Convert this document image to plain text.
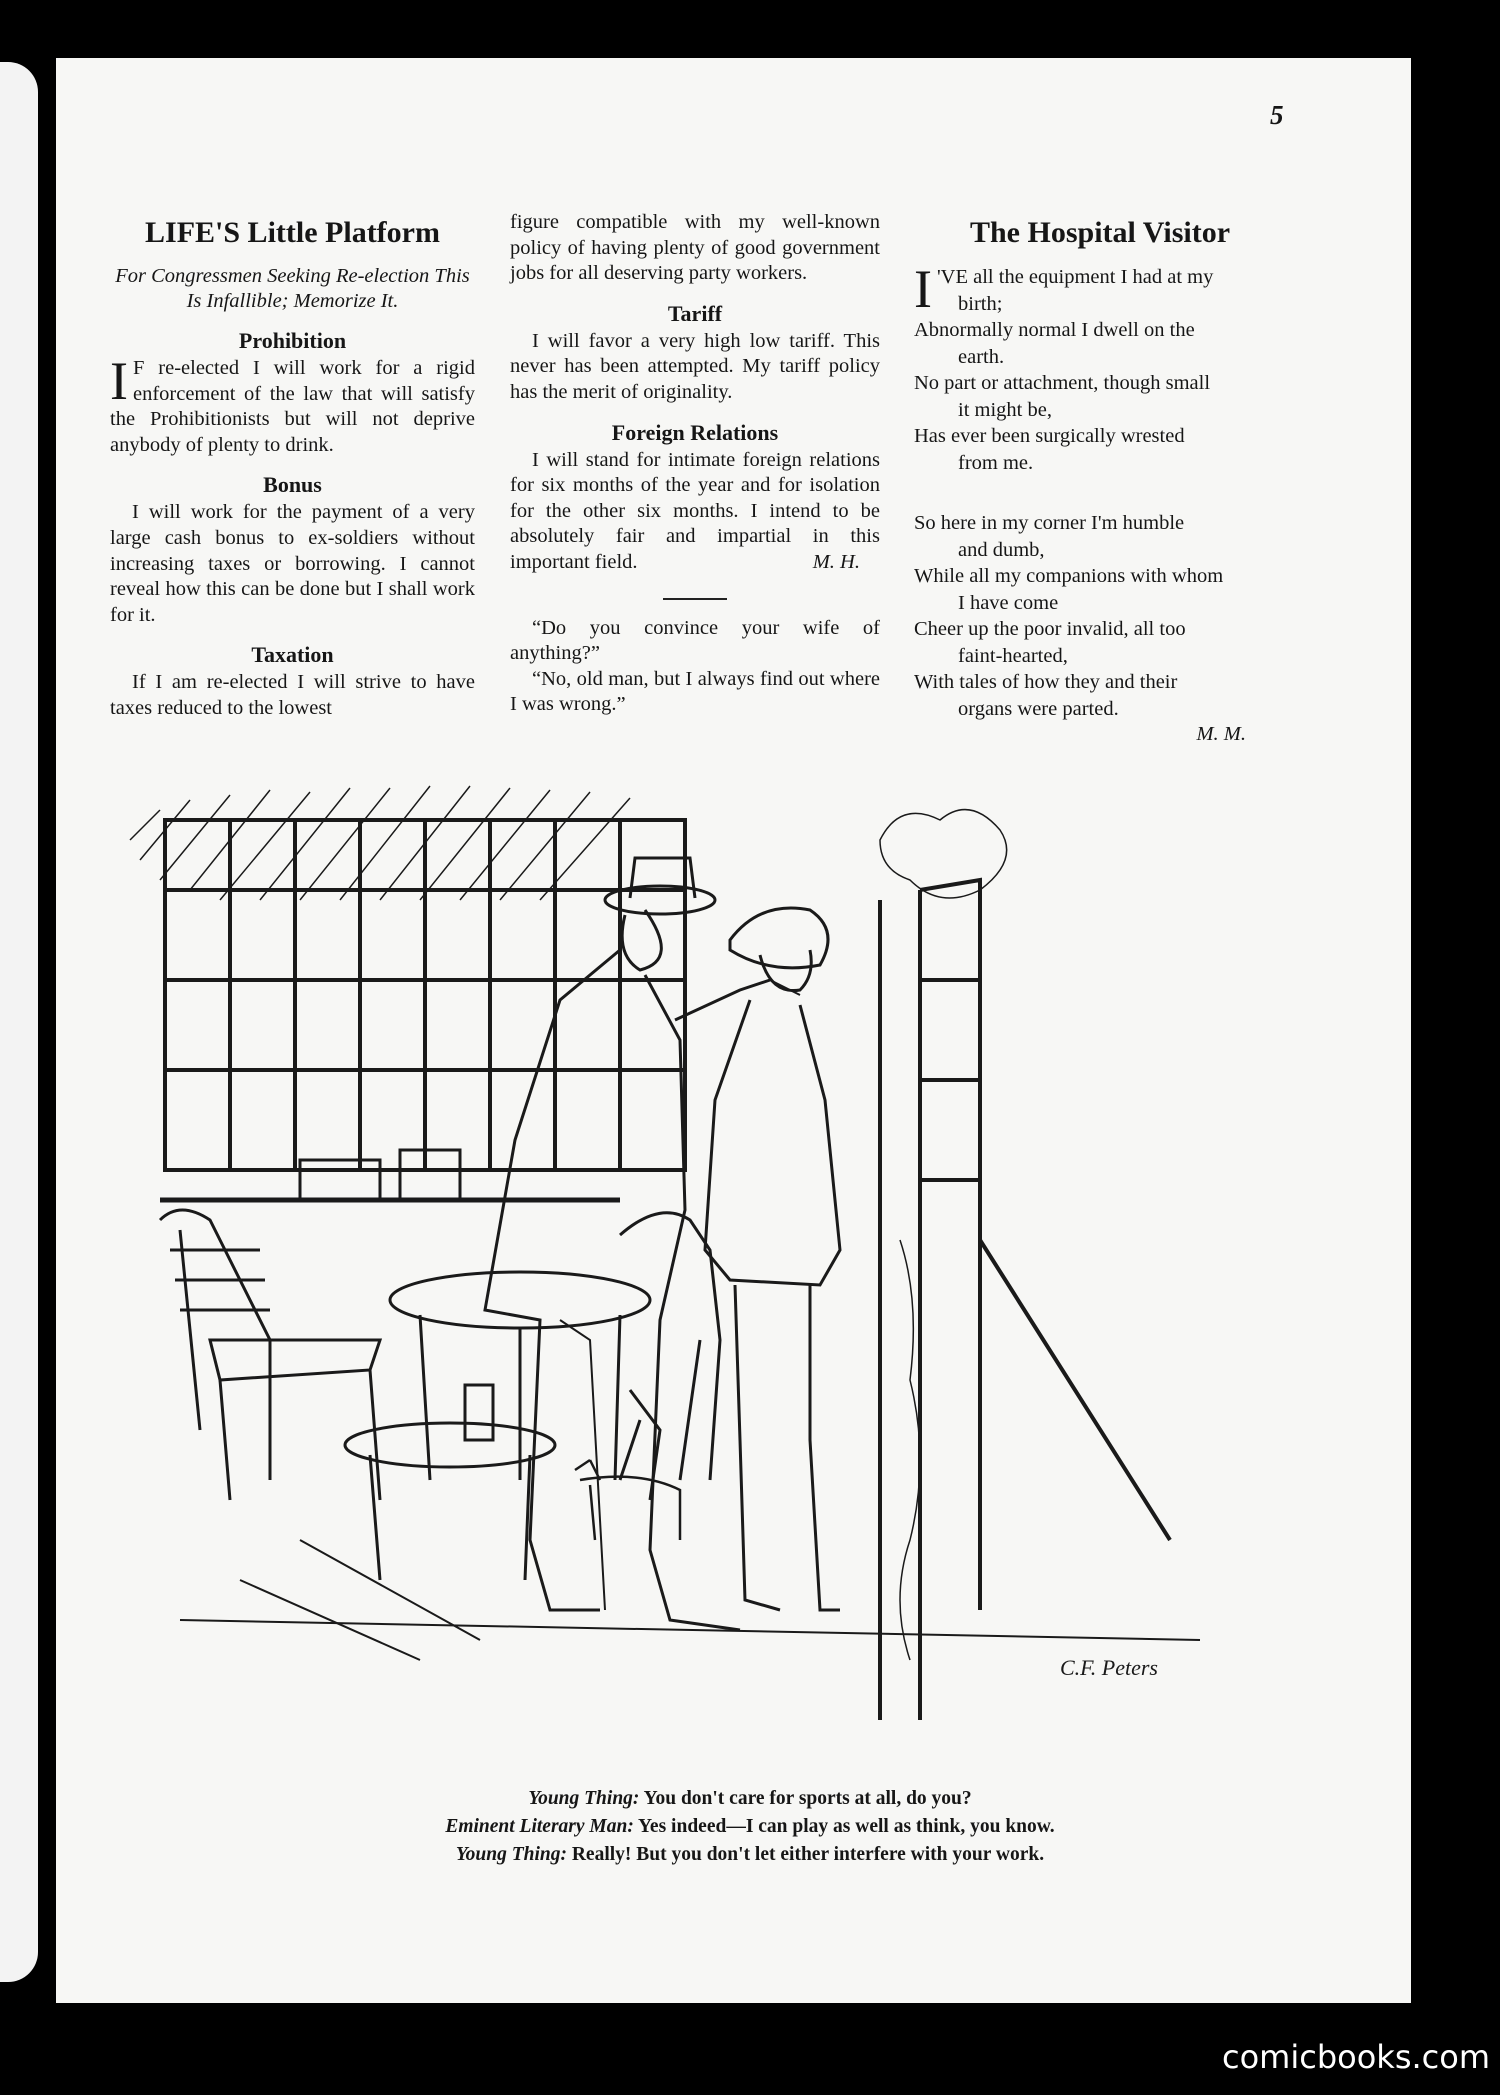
5
LIFE'S Little Platform
For Congressmen Seeking Re-election This Is Infallible; Memorize It.
Prohibition

I F re-elected I will work for a rigid enforcement of the law that will satisfy the Prohibitionists but will not deprive anybody of plenty to drink.

Bonus

I will work for the payment of a very large cash bonus to ex-soldiers without increasing taxes or borrowing. I cannot reveal how this can be done but I shall work for it.

Taxation

If I am re-elected I will strive to have taxes reduced to the lowest

figure compatible with my well-known policy of having plenty of good government jobs for all deserving party workers.

Tariff

I will favor a very high low tariff. This never has been attempted. My tariff policy has the merit of originality.

Foreign Relations

I will stand for intimate foreign relations for six months of the year and for isolation for the other six months. I intend to be absolutely fair and impartial in this important field.	M. H.

“Do you convince your wife of anything?”

“No, old man, but I always find out where I was wrong.”

The Hospital Visitor
I 'VE all the equipment I had at my
birth;
Abnormally normal I dwell on the
earth.
No part or attachment, though small
it might be,
Has ever been surgically wrested
from me.
So here in my corner I'm humble
and dumb,
While all my companions with whom
I have come
Cheer up the poor invalid, all too
faint-hearted,
With tales of how they and their
organs were parted.
M. M.
C.F. Peters
Young Thing: You don't care for sports at all, do you?
Eminent Literary Man: Yes indeed—I can play as well as think, you know.
Young Thing: Really! But you don't let either interfere with your work.
comicbooks.com
